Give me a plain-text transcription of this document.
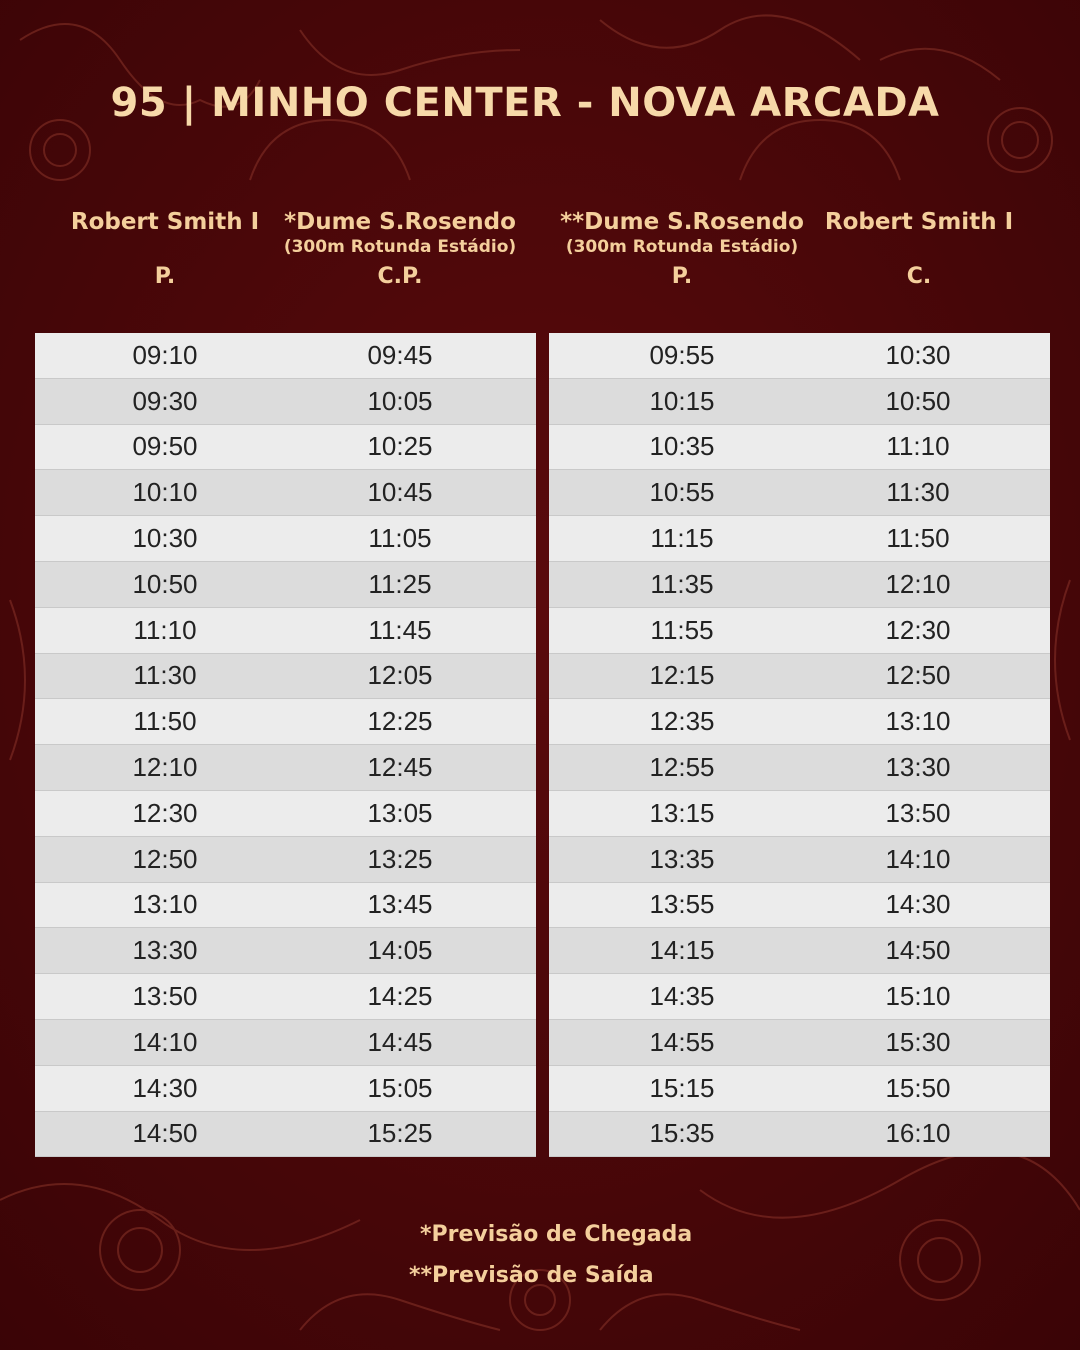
95 | MINHO CENTER - NOVA ARCADA
Robert Smith I
P.
*Dume S.Rosendo
(300m Rotunda Estádio)
C.P.
**Dume S.Rosendo
(300m Rotunda Estádio)
P.
Robert Smith I
C.
09:10	09:45
09:30	10:05
09:50	10:25
10:10	10:45
10:30	11:05
10:50	11:25
11:10	11:45
11:30	12:05
11:50	12:25
12:10	12:45
12:30	13:05
12:50	13:25
13:10	13:45
13:30	14:05
13:50	14:25
14:10	14:45
14:30	15:05
14:50	15:25
09:55	10:30
10:15	10:50
10:35	11:10
10:55	11:30
11:15	11:50
11:35	12:10
11:55	12:30
12:15	12:50
12:35	13:10
12:55	13:30
13:15	13:50
13:35	14:10
13:55	14:30
14:15	14:50
14:35	15:10
14:55	15:30
15:15	15:50
15:35	16:10
*Previsão de Chegada
**Previsão de Saída
